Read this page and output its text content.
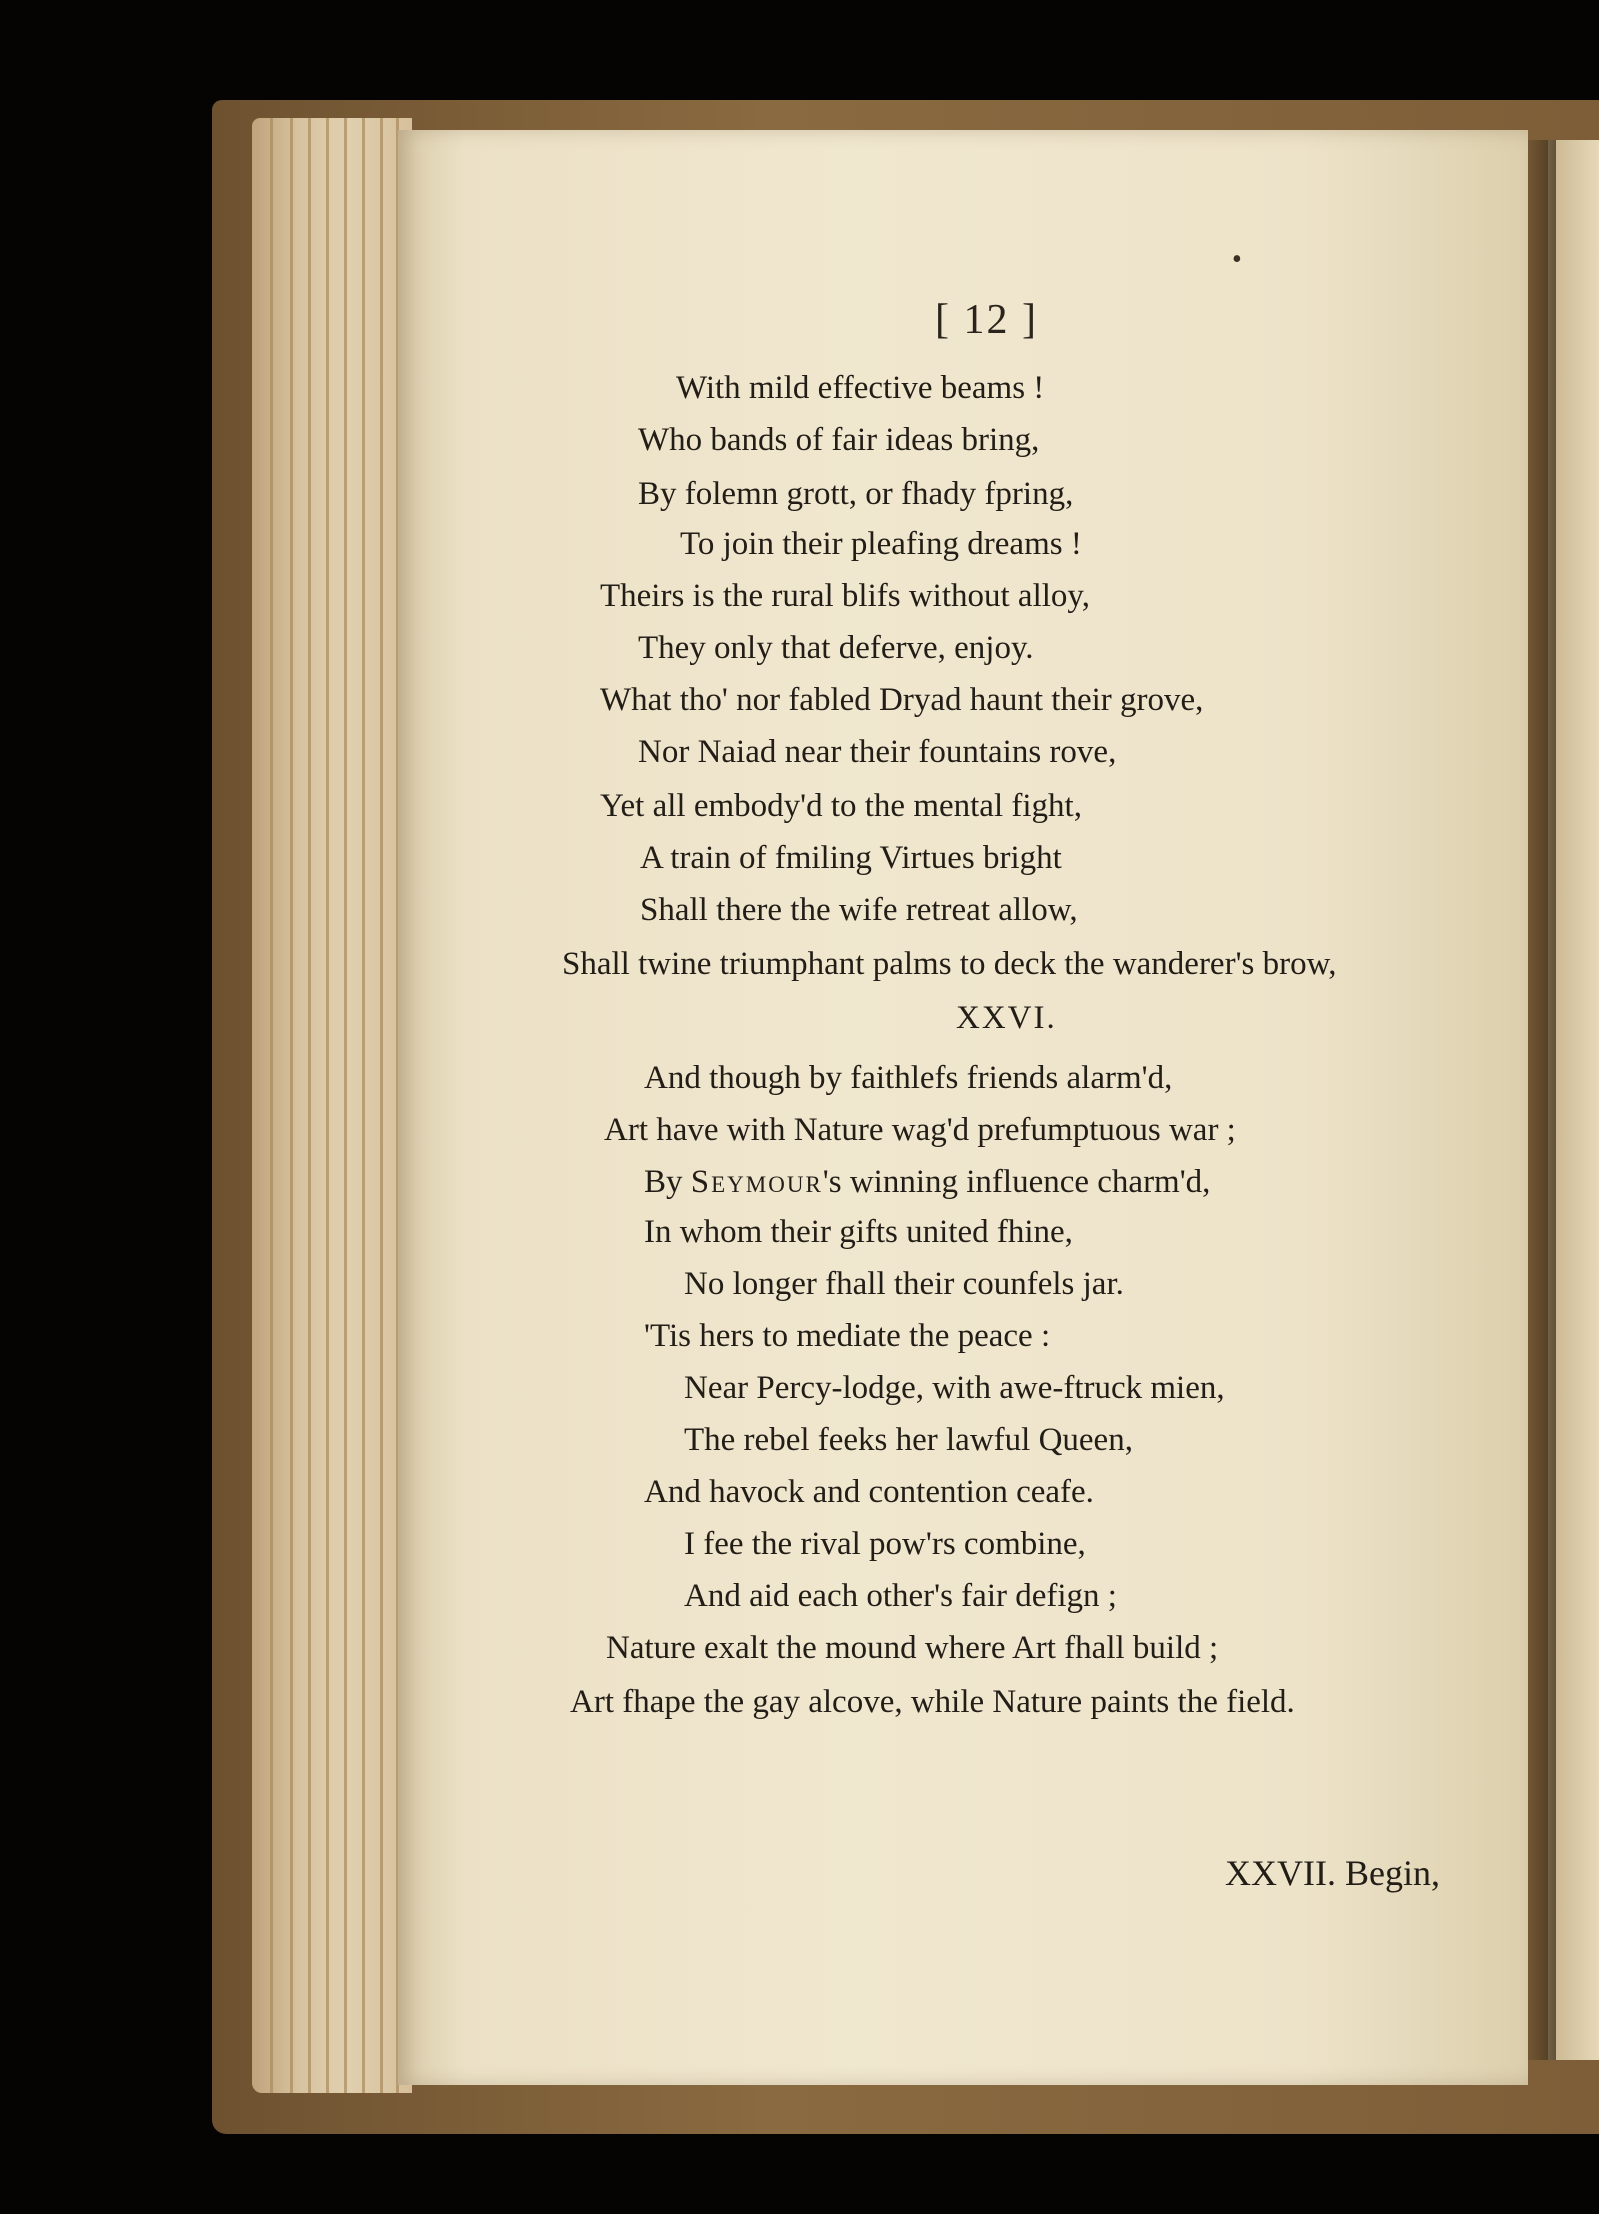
•
[ 12 ]
With mild effective beams !
Who bands of fair ideas bring,
By folemn grott, or fhady fpring,
To join their pleafing dreams !
Theirs is the rural blifs without alloy,
They only that deferve, enjoy.
What tho' nor fabled Dryad haunt their grove,
Nor Naiad near their fountains rove,
Yet all embody'd to the mental fight,
A train of fmiling Virtues bright
Shall there the wife retreat allow,
Shall twine triumphant palms to deck the wanderer's brow,
XXVI.
And though by faithlefs friends alarm'd,
Art have with Nature wag'd prefumptuous war ;
By Seymour's winning influence charm'd,
In whom their gifts united fhine,
No longer fhall their counfels jar.
'Tis hers to mediate the peace :
Near Percy-lodge, with awe-ftruck mien,
The rebel feeks her lawful Queen,
And havock and contention ceafe.
I fee the rival pow'rs combine,
And aid each other's fair defign ;
Nature exalt the mound where Art fhall build ;
Art fhape the gay alcove, while Nature paints the field.
XXVII. Begin,
